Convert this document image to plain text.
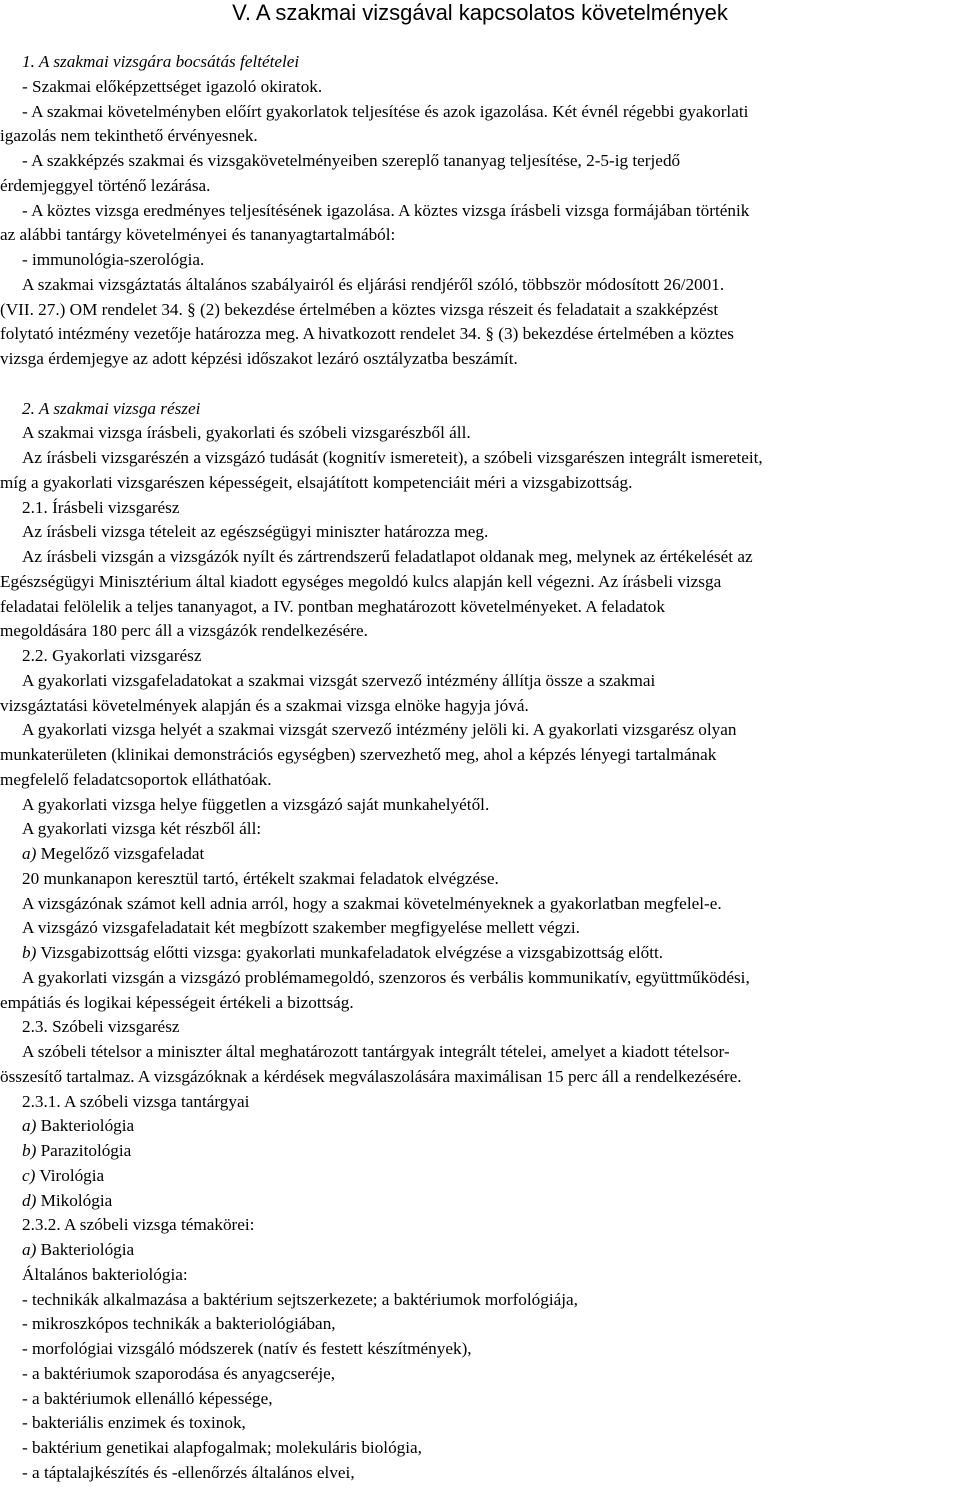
V. A szakmai vizsgával kapcsolatos követelmények
1. A szakmai vizsgára bocsátás feltételei
- Szakmai előképzettséget igazoló okiratok.
- A szakmai követelményben előírt gyakorlatok teljesítése és azok igazolása. Két évnél régebbi gyakorlati
igazolás nem tekinthető érvényesnek.
- A szakképzés szakmai és vizsgakövetelményeiben szereplő tananyag teljesítése, 2-5-ig terjedő
érdemjeggyel történő lezárása.
- A köztes vizsga eredményes teljesítésének igazolása. A köztes vizsga írásbeli vizsga formájában történik
az alábbi tantárgy követelményei és tananyagtartalmából:
- immunológia-szerológia.
A szakmai vizsgáztatás általános szabályairól és eljárási rendjéről szóló, többször módosított 26/2001.
(VII. 27.) OM rendelet 34. § (2) bekezdése értelmében a köztes vizsga részeit és feladatait a szakképzést
folytató intézmény vezetője határozza meg. A hivatkozott rendelet 34. § (3) bekezdése értelmében a köztes
vizsga érdemjegye az adott képzési időszakot lezáró osztályzatba beszámít.
2. A szakmai vizsga részei
A szakmai vizsga írásbeli, gyakorlati és szóbeli vizsgarészből áll.
Az írásbeli vizsgarészén a vizsgázó tudását (kognitív ismereteit), a szóbeli vizsgarészen integrált ismereteit,
míg a gyakorlati vizsgarészen képességeit, elsajátított kompetenciáit méri a vizsgabizottság.
2.1. Írásbeli vizsgarész
Az írásbeli vizsga tételeit az egészségügyi miniszter határozza meg.
Az írásbeli vizsgán a vizsgázók nyílt és zártrendszerű feladatlapot oldanak meg, melynek az értékelését az
Egészségügyi Minisztérium által kiadott egységes megoldó kulcs alapján kell végezni. Az írásbeli vizsga
feladatai felölelik a teljes tananyagot, a IV. pontban meghatározott követelményeket. A feladatok
megoldására 180 perc áll a vizsgázók rendelkezésére.
2.2. Gyakorlati vizsgarész
A gyakorlati vizsgafeladatokat a szakmai vizsgát szervező intézmény állítja össze a szakmai
vizsgáztatási követelmények alapján és a szakmai vizsga elnöke hagyja jóvá.
A gyakorlati vizsga helyét a szakmai vizsgát szervező intézmény jelöli ki. A gyakorlati vizsgarész olyan
munkaterületen (klinikai demonstrációs egységben) szervezhető meg, ahol a képzés lényegi tartalmának
megfelelő feladatcsoportok elláthatóak.
A gyakorlati vizsga helye független a vizsgázó saját munkahelyétől.
A gyakorlati vizsga két részből áll:
a) Megelőző vizsgafeladat
20 munkanapon keresztül tartó, értékelt szakmai feladatok elvégzése.
A vizsgázónak számot kell adnia arról, hogy a szakmai követelményeknek a gyakorlatban megfelel-e.
A vizsgázó vizsgafeladatait két megbízott szakember megfigyelése mellett végzi.
b) Vizsgabizottság előtti vizsga: gyakorlati munkafeladatok elvégzése a vizsgabizottság előtt.
A gyakorlati vizsgán a vizsgázó problémamegoldó, szenzoros és verbális kommunikatív, együttműködési,
empátiás és logikai képességeit értékeli a bizottság.
2.3. Szóbeli vizsgarész
A szóbeli tételsor a miniszter által meghatározott tantárgyak integrált tételei, amelyet a kiadott tételsor-
összesítő tartalmaz. A vizsgázóknak a kérdések megválaszolására maximálisan 15 perc áll a rendelkezésére.
2.3.1. A szóbeli vizsga tantárgyai
a) Bakteriológia
b) Parazitológia
c) Virológia
d) Mikológia
2.3.2. A szóbeli vizsga témakörei:
a) Bakteriológia
Általános bakteriológia:
- technikák alkalmazása a baktérium sejtszerkezete; a baktériumok morfológiája,
- mikroszkópos technikák a bakteriológiában,
- morfológiai vizsgáló módszerek (natív és festett készítmények),
- a baktériumok szaporodása és anyagcseréje,
- a baktériumok ellenálló képessége,
- bakteriális enzimek és toxinok,
- baktérium genetikai alapfogalmak; molekuláris biológia,
- a táptalajkészítés és -ellenőrzés általános elvei,
